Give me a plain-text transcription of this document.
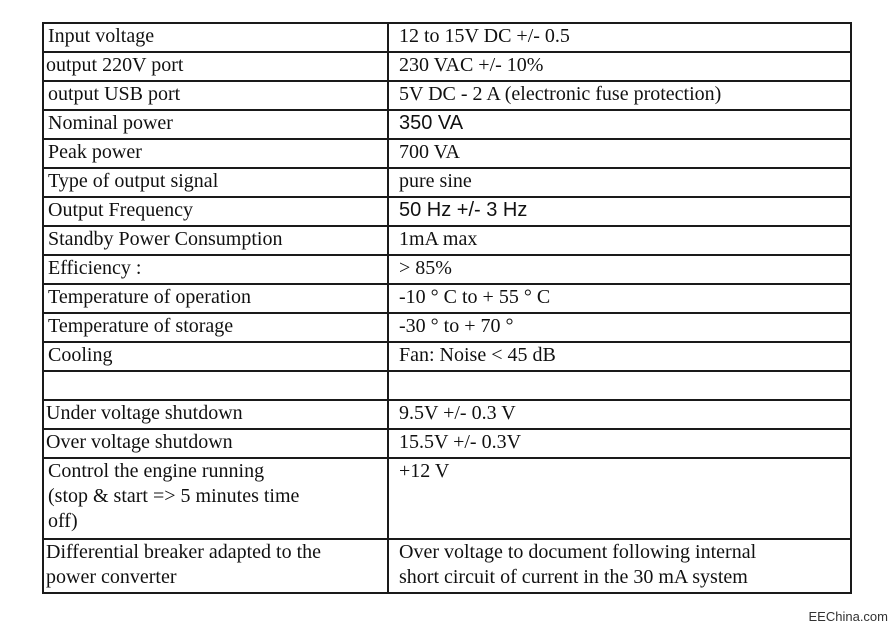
Input voltage	12 to 15V DC +/- 0.5
output 220V port	230 VAC +/- 10%
output USB port	5V DC - 2 A (electronic fuse protection)
Nominal power	350 VA
Peak power	700 VA
Type of output signal	pure sine
Output Frequency	50 Hz +/- 3 Hz
Standby Power Consumption	1mA max
Efficiency :	> 85%
Temperature of operation	-10 ° C to + 55 ° C
Temperature of storage	-30 ° to + 70 °
Cooling	Fan: Noise < 45 dB

Under voltage shutdown	9.5V +/- 0.3 V
Over voltage shutdown	15.5V +/- 0.3V

Control the engine running
(stop & start => 5 minutes time
off)	+12 V

Differential breaker adapted to the
power converter	Over voltage to document following internal
short circuit of current in the 30 mA system
EEChina.com
